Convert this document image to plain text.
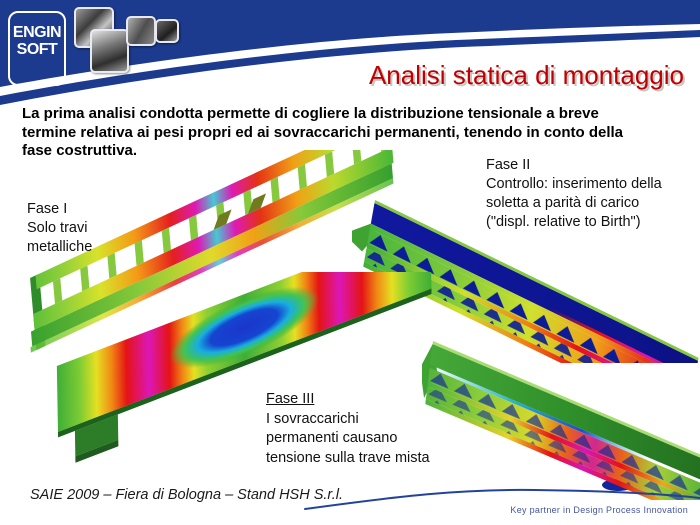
ENGIN
SOFT
Analisi statica di montaggio
La prima analisi condotta permette di cogliere la distribuzione tensionale a breve
termine relativa ai pesi propri ed ai sovraccarichi permanenti, tenendo in conto della
fase costruttiva.
Fase I
Solo travi
metalliche
Fase II
Controllo: inserimento della
soletta a parità di carico
("displ. relative to Birth")
Fase III
I sovraccarichi
permanenti causano
tensione sulla trave mista
SAIE 2009 – Fiera di Bologna – Stand HSH S.r.l.
Key partner in Design Process Innovation
